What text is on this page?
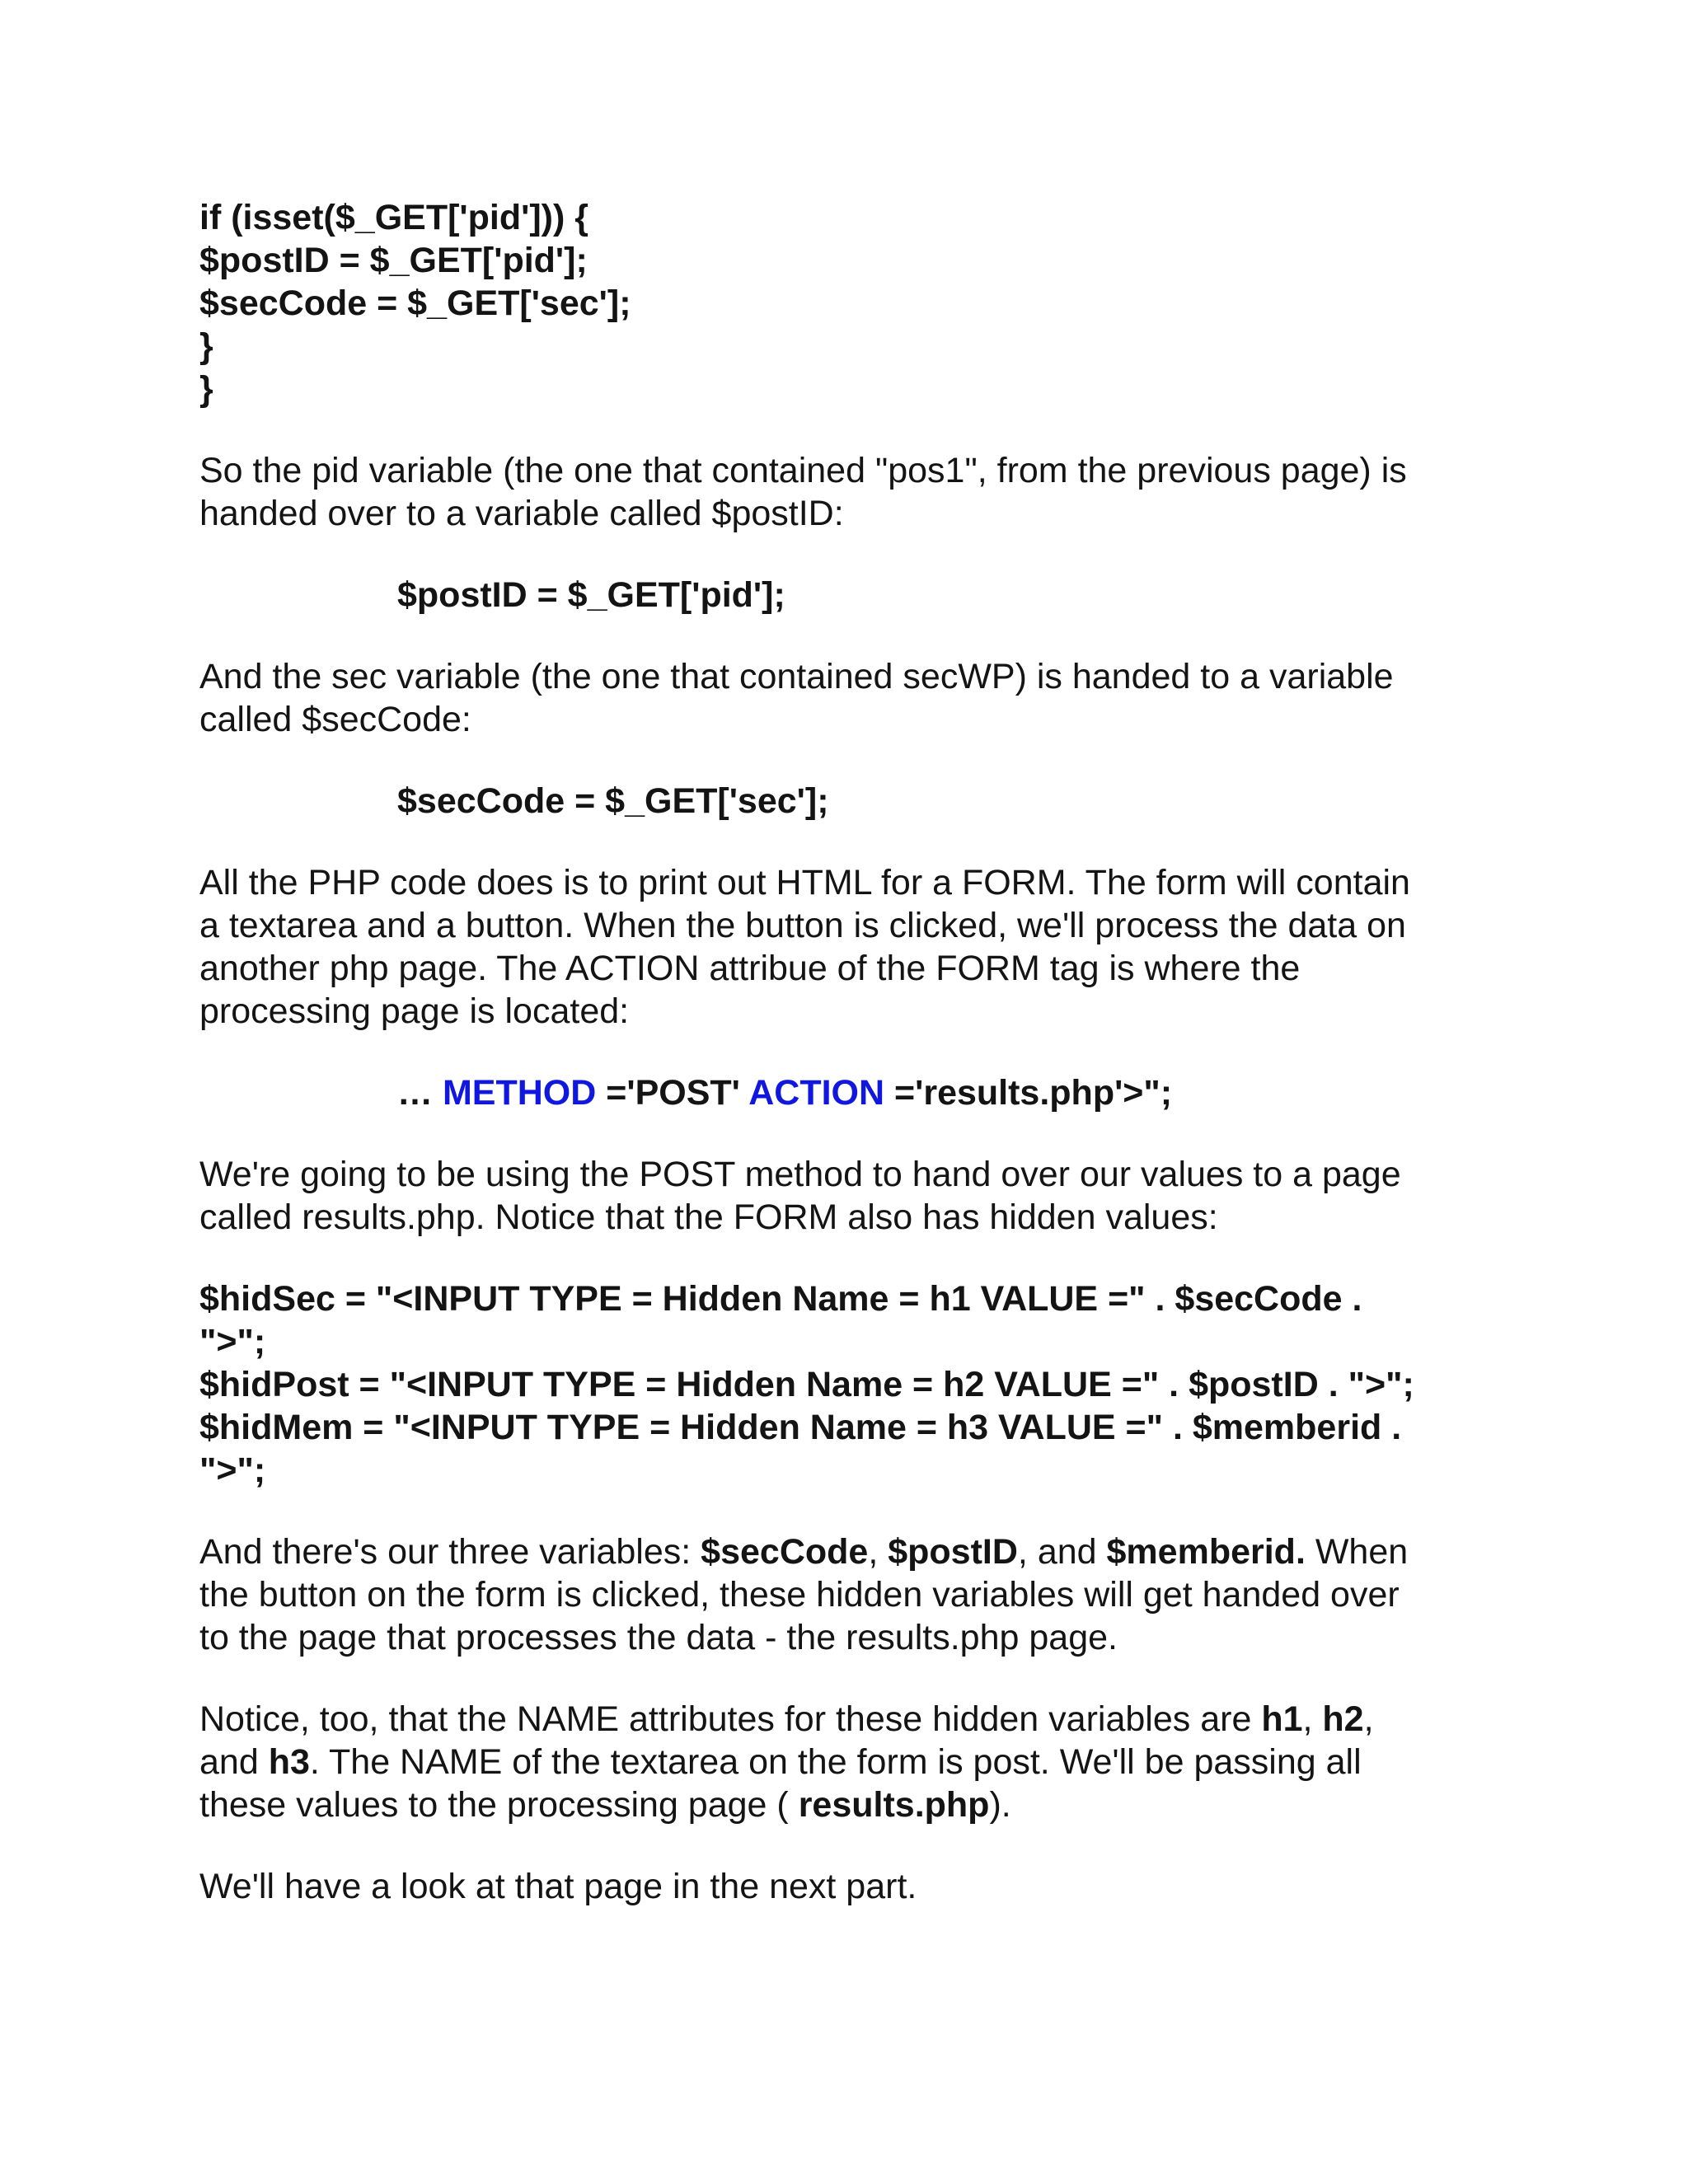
if (isset($_GET['pid'])) {
$postID = $_GET['pid'];
$secCode = $_GET['sec'];
}
}
So the pid variable (the one that contained "pos1", from the previous page) is
handed over to a variable called $postID:
$postID = $_GET['pid'];
And the sec variable (the one that contained secWP) is handed to a variable
called $secCode:
$secCode = $_GET['sec'];
All the PHP code does is to print out HTML for a FORM. The form will contain
a textarea and a button. When the button is clicked, we'll process the data on
another php page. The ACTION attribue of the FORM tag is where the
processing page is located:
… METHOD ='POST' ACTION ='results.php'>";
We're going to be using the POST method to hand over our values to a page
called results.php. Notice that the FORM also has hidden values:
$hidSec = "<INPUT TYPE = Hidden Name = h1 VALUE =" . $secCode .
">";
$hidPost = "<INPUT TYPE = Hidden Name = h2 VALUE =" . $postID . ">";
$hidMem = "<INPUT TYPE = Hidden Name = h3 VALUE =" . $memberid .
">";
And there's our three variables: $secCode, $postID, and $memberid. When
the button on the form is clicked, these hidden variables will get handed over
to the page that processes the data - the results.php page.
Notice, too, that the NAME attributes for these hidden variables are h1, h2,
and h3. The NAME of the textarea on the form is post. We'll be passing all
these values to the processing page ( results.php).
We'll have a look at that page in the next part.
